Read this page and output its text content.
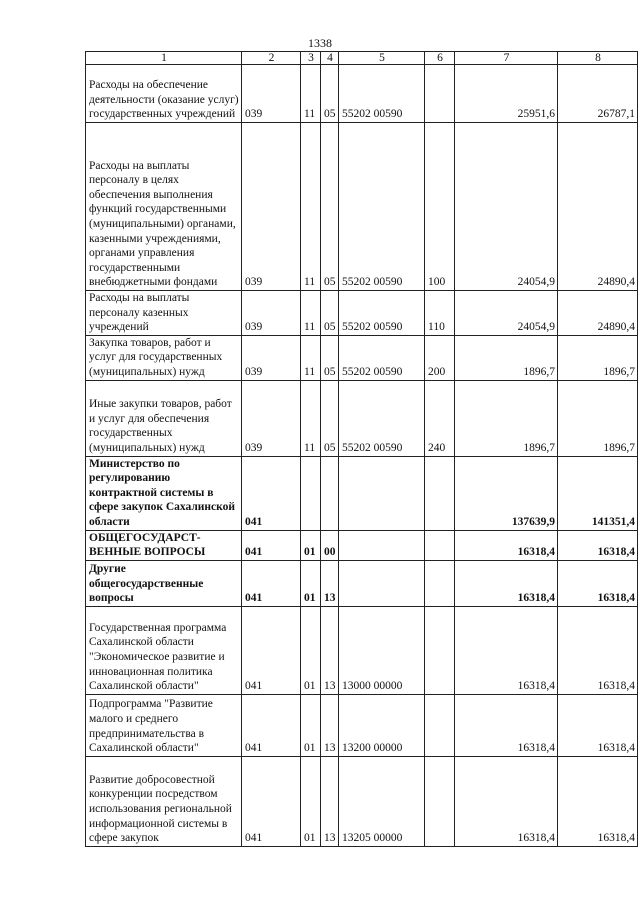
1338
1	2	3	4	5	6	7	8
Расходы на обеспечение деятельности (оказание услуг) государственных учреждений	039	11	05	55202 00590		25951,6	26787,1
Расходы на выплаты персоналу в целях обеспечения выполнения функций государственными (муниципальными) органами, казенными учреждениями, органами управления государственными внебюджетными фондами	039	11	05	55202 00590	100	24054,9	24890,4
Расходы на выплаты персоналу казенных учреждений	039	11	05	55202 00590	110	24054,9	24890,4
Закупка товаров, работ и услуг для государственных (муниципальных) нужд	039	11	05	55202 00590	200	1896,7	1896,7
Иные закупки товаров, работ и услуг для обеспечения государственных (муниципальных) нужд	039	11	05	55202 00590	240	1896,7	1896,7
Министерство по регулированию контрактной системы в сфере закупок Сахалинской области	041					137639,9	141351,4
ОБЩЕГОСУДАРСТ-ВЕННЫЕ ВОПРОСЫ	041	01	00			16318,4	16318,4
Другие общегосударственные вопросы	041	01	13			16318,4	16318,4
Государственная программа Сахалинской области "Экономическое развитие и инновационная политика Сахалинской области"	041	01	13	13000 00000		16318,4	16318,4
Подпрограмма "Развитие малого и среднего предпринимательства в Сахалинской области"	041	01	13	13200 00000		16318,4	16318,4
Развитие добросовестной конкуренции посредством использования региональной информационной системы в сфере закупок	041	01	13	13205 00000		16318,4	16318,4
